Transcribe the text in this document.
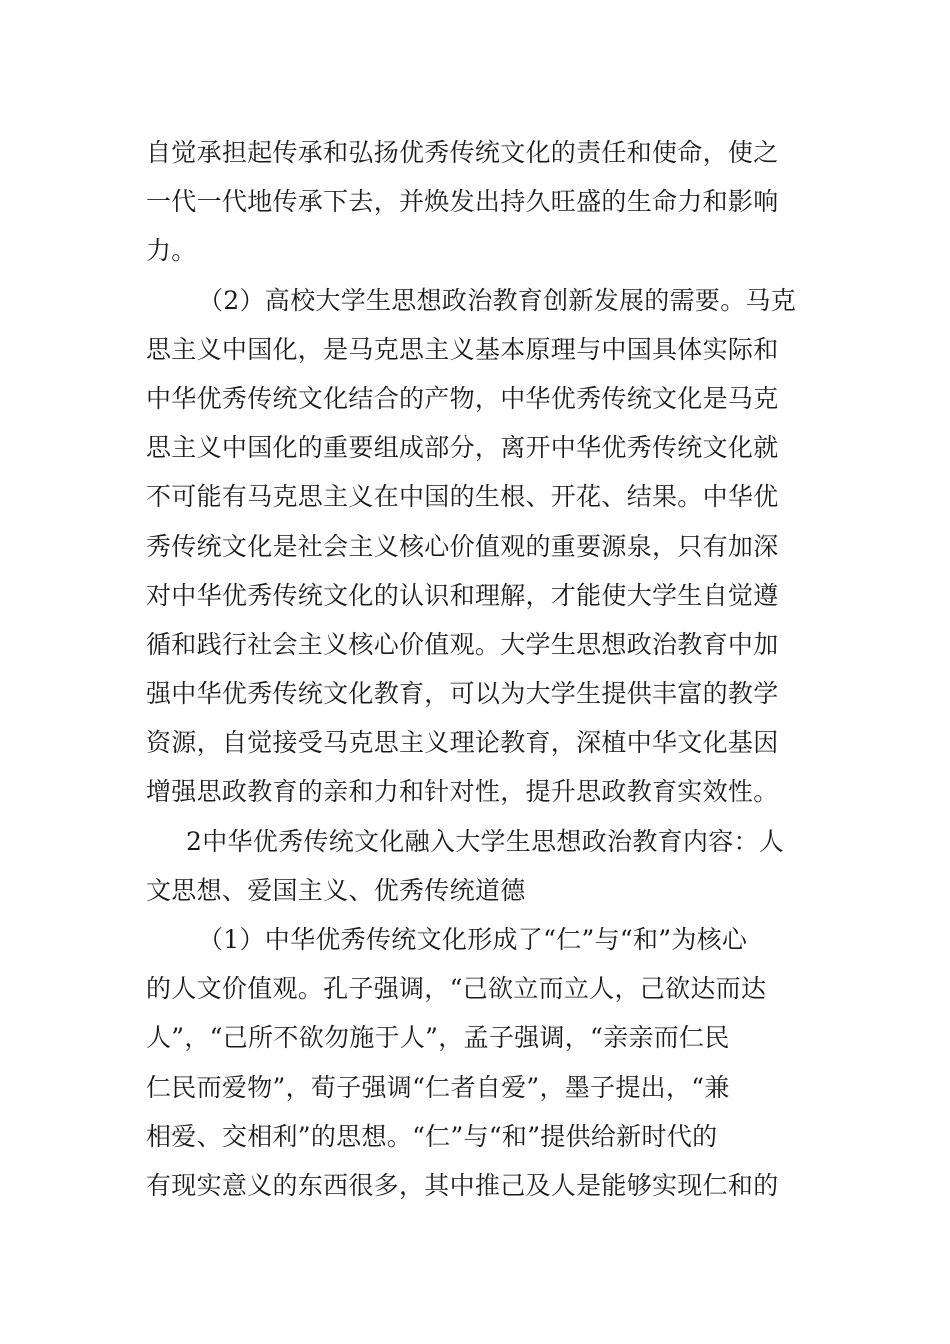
自觉承担起传承和弘扬优秀传统文化的责任和使命，使之
一代一代地传承下去，并焕发出持久旺盛的生命力和影响
力。
（2）高校大学生思想政治教育创新发展的需要。马克
思主义中国化，是马克思主义基本原理与中国具体实际和
中华优秀传统文化结合的产物，中华优秀传统文化是马克
思主义中国化的重要组成部分，离开中华优秀传统文化就
不可能有马克思主义在中国的生根、开花、结果。中华优
秀传统文化是社会主义核心价值观的重要源泉，只有加深
对中华优秀传统文化的认识和理解，才能使大学生自觉遵
循和践行社会主义核心价值观。大学生思想政治教育中加
强中华优秀传统文化教育，可以为大学生提供丰富的教学
资源，自觉接受马克思主义理论教育，深植中华文化基因
增强思政教育的亲和力和针对性，提升思政教育实效性。
2中华优秀传统文化融入大学生思想政治教育内容：人
文思想、爱国主义、优秀传统道德
（1）中华优秀传统文化形成了“仁”与“和”为核心
的人文价值观。孔子强调，“己欲立而立人，己欲达而达
人”，“己所不欲勿施于人”，孟子强调，“亲亲而仁民
仁民而爱物”，荀子强调“仁者自爱”，墨子提出，“兼
相爱、交相利”的思想。“仁”与“和”提供给新时代的
有现实意义的东西很多，其中推己及人是能够实现仁和的
